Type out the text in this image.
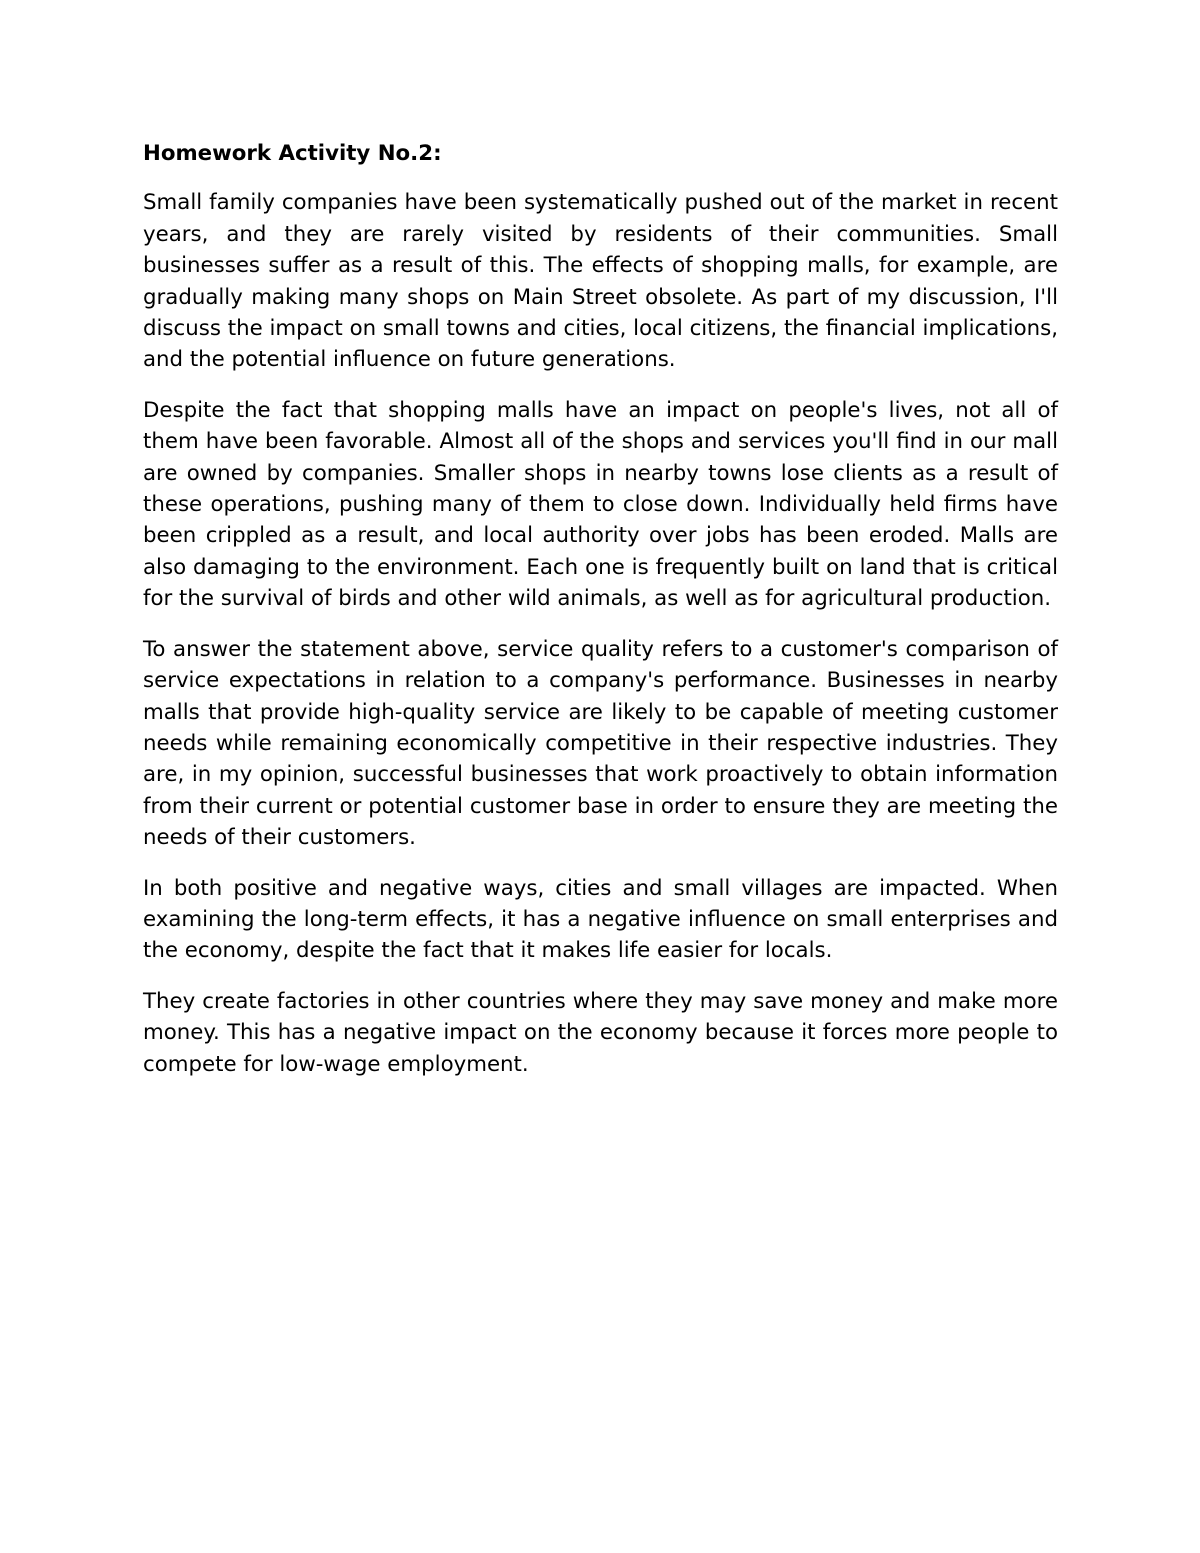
Homework Activity No.2:

Small family companies have been systematically pushed out of the market in recent years, and they are rarely visited by residents of their communities. Small businesses suffer as a result of this. The effects of shopping malls, for example, are gradually making many shops on Main Street obsolete. As part of my discussion, I'll discuss the impact on small towns and cities, local citizens, the financial implications, and the potential influence on future generations.

Despite the fact that shopping malls have an impact on people's lives, not all of them have been favorable. Almost all of the shops and services you'll find in our mall are owned by companies. Smaller shops in nearby towns lose clients as a result of these operations, pushing many of them to close down. Individually held firms have been crippled as a result, and local authority over jobs has been eroded. Malls are also damaging to the environment. Each one is frequently built on land that is critical for the survival of birds and other wild animals, as well as for agricultural production.

To answer the statement above, service quality refers to a customer's comparison of service expectations in relation to a company's performance. Businesses in nearby malls that provide high-quality service are likely to be capable of meeting customer needs while remaining economically competitive in their respective industries. They are, in my opinion, successful businesses that work proactively to obtain information from their current or potential customer base in order to ensure they are meeting the needs of their customers.

In both positive and negative ways, cities and small villages are impacted. When examining the long-term effects, it has a negative influence on small enterprises and the economy, despite the fact that it makes life easier for locals.

They create factories in other countries where they may save money and make more money. This has a negative impact on the economy because it forces more people to compete for low-wage employment.
